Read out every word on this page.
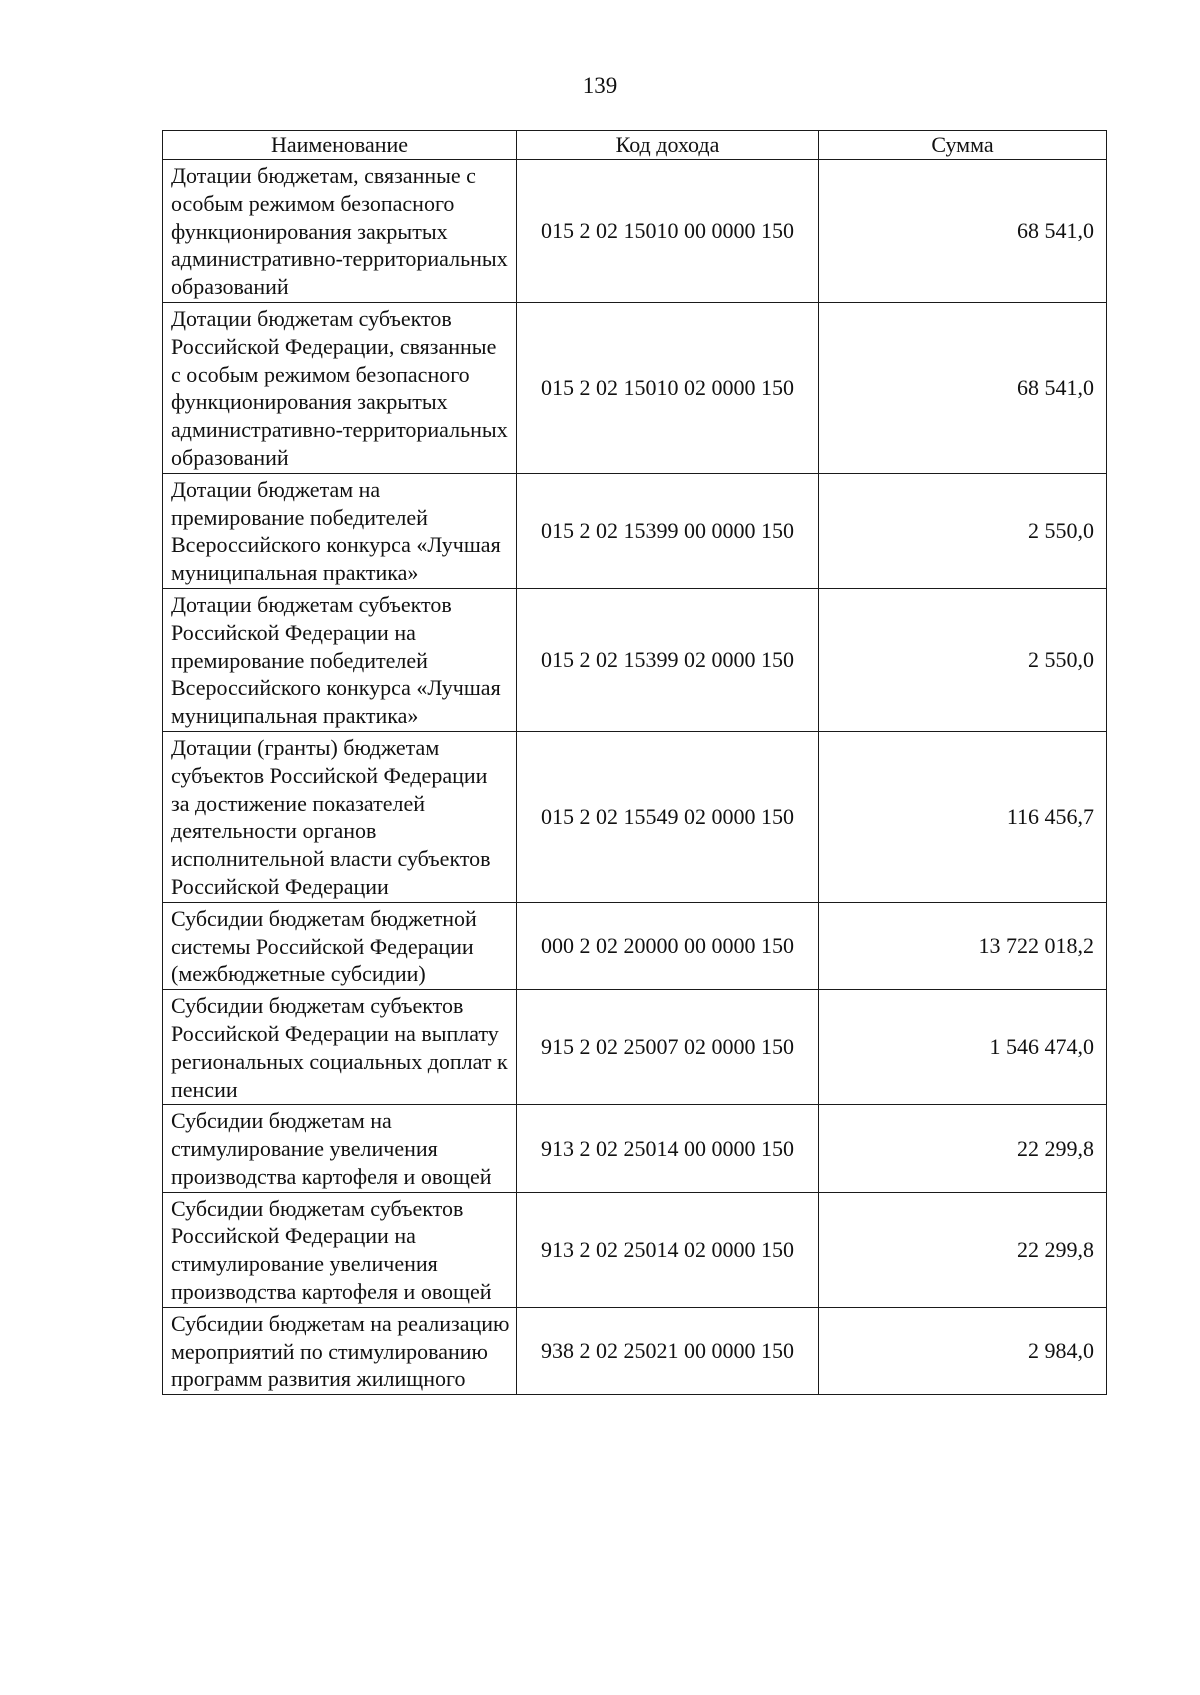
139
Наименование	Код дохода	Сумма
Дотации бюджетам, связанные с особым режимом безопасного функционирования закрытых административно-территориальных образований	015 2 02 15010 00 0000 150	68 541,0
Дотации бюджетам субъектов Российской Федерации, связанные с особым режимом безопасного функционирования закрытых административно-территориальных образований	015 2 02 15010 02 0000 150	68 541,0
Дотации бюджетам на премирование победителей Всероссийского конкурса «Лучшая муниципальная практика»	015 2 02 15399 00 0000 150	2 550,0
Дотации бюджетам субъектов Российской Федерации на премирование победителей Всероссийского конкурса «Лучшая муниципальная практика»	015 2 02 15399 02 0000 150	2 550,0
Дотации (гранты) бюджетам субъектов Российской Федерации за достижение показателей деятельности органов исполнительной власти субъектов Российской Федерации	015 2 02 15549 02 0000 150	116 456,7
Субсидии бюджетам бюджетной системы Российской Федерации (межбюджетные субсидии)	000 2 02 20000 00 0000 150	13 722 018,2
Субсидии бюджетам субъектов Российской Федерации на выплату региональных социальных доплат к пенсии	915 2 02 25007 02 0000 150	1 546 474,0
Субсидии бюджетам на стимулирование увеличения производства картофеля и овощей	913 2 02 25014 00 0000 150	22 299,8
Субсидии бюджетам субъектов Российской Федерации на стимулирование увеличения производства картофеля и овощей	913 2 02 25014 02 0000 150	22 299,8
Субсидии бюджетам на реализацию мероприятий по стимулированию программ развития жилищного	938 2 02 25021 00 0000 150	2 984,0
